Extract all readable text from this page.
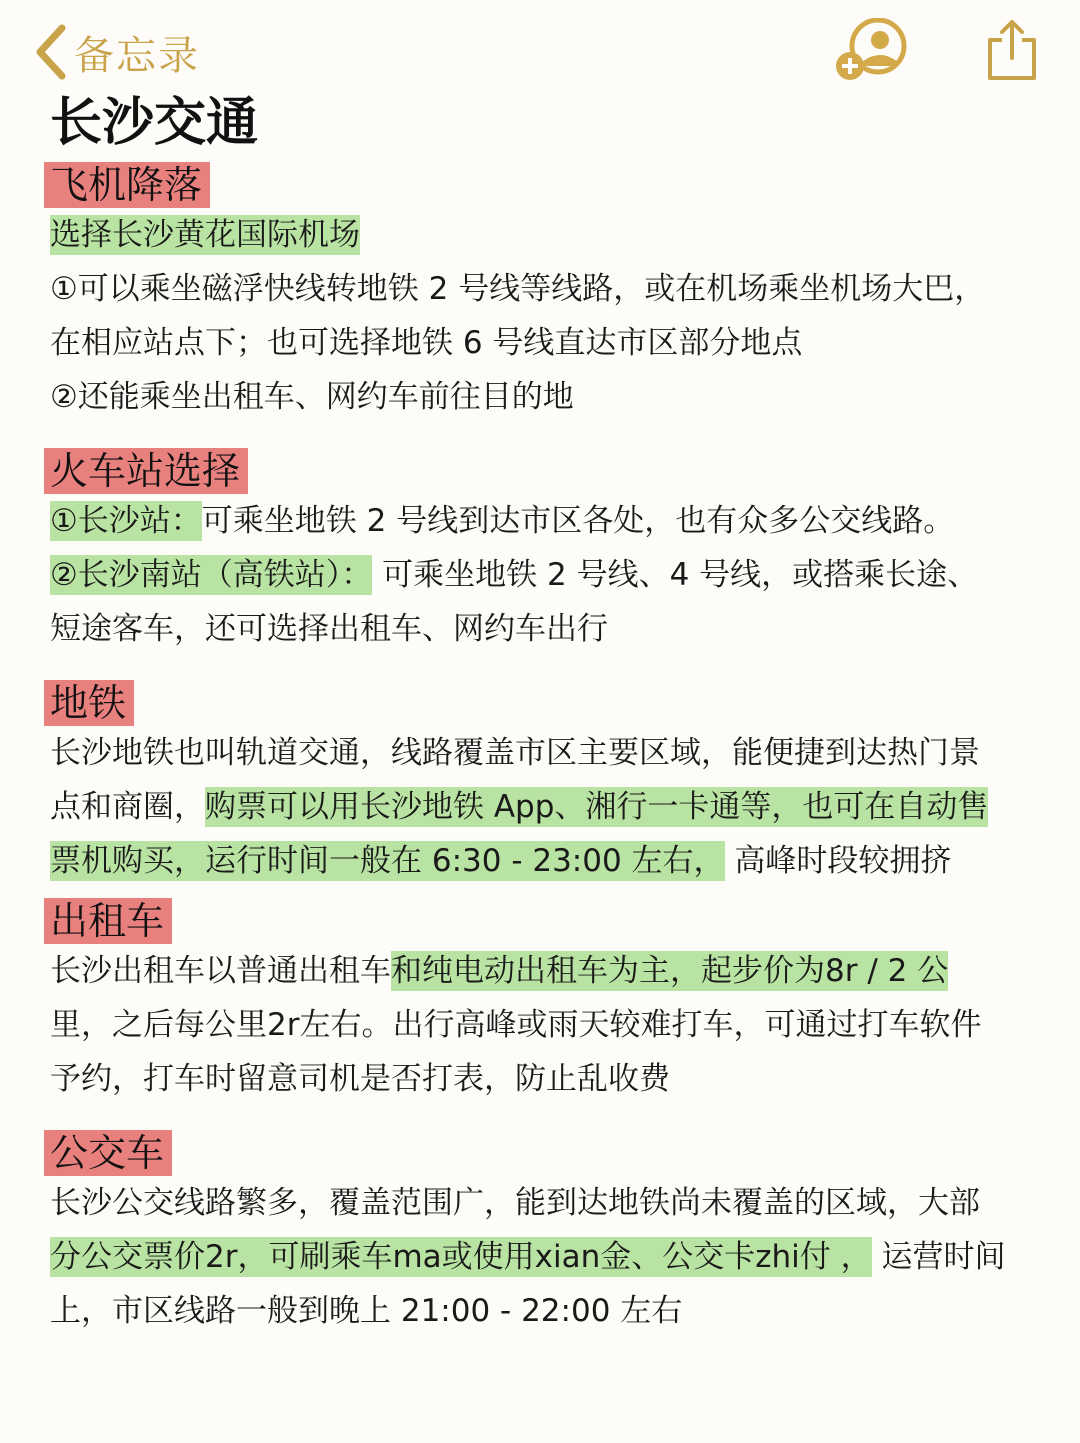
备忘录
长沙交通
飞机降落

选择长沙黄花国际机场

①可以乘坐磁浮快线转地铁 2 号线等线路，或在机场乘坐机场大巴，

在相应站点下；也可选择地铁 6 号线直达市区部分地点

②还能乘坐出租车、网约车前往目的地

火车站选择

①长沙站：可乘坐地铁 2 号线到达市区各处，也有众多公交线路。

②长沙南站（高铁站）： 可乘坐地铁 2 号线、4 号线，或搭乘长途、

短途客车，还可选择出租车、网约车出行

地铁

长沙地铁也叫轨道交通，线路覆盖市区主要区域，能便捷到达热门景

点和商圈，购票可以用长沙地铁 App、湘行一卡通等，也可在自动售

票机购买，运行时间一般在 6:30 - 23:00 左右， 高峰时段较拥挤

出租车

长沙出租车以普通出租车和纯电动出租车为主，起步价为8r / 2 公

里，之后每公里2r左右。出行高峰或雨天较难打车，可通过打车软件

予约，打车时留意司机是否打表，防止乱收费

公交车

长沙公交线路繁多，覆盖范围广，能到达地铁尚未覆盖的区域，大部

分公交票价2r，可刷乘车ma或使用xian金、公交卡zhi付 ， 运营时间

上，市区线路一般到晚上 21:00 - 22:00 左右
